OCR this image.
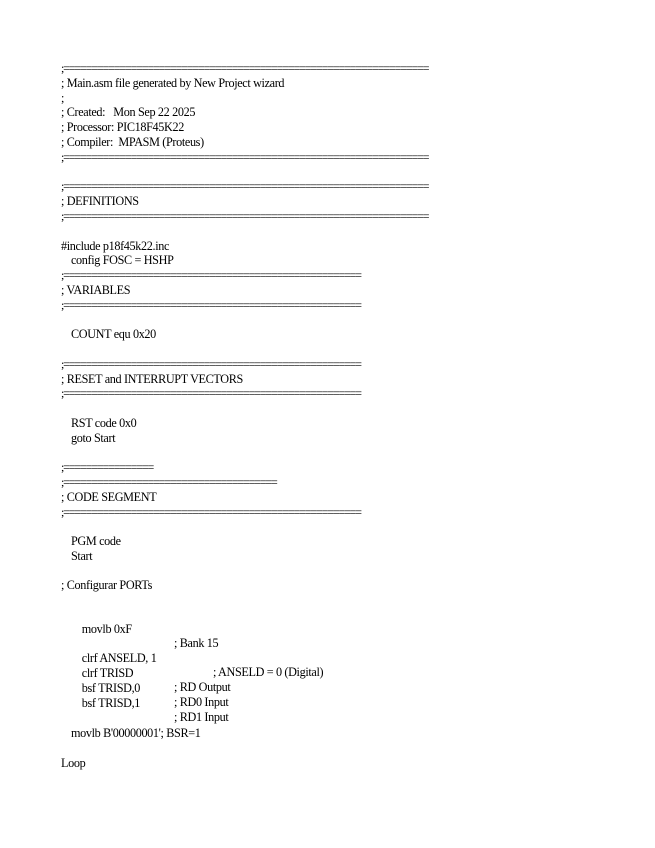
;=================================================================
; Main.asm file generated by New Project wizard
;
; Created:   Mon Sep 22 2025
; Processor: PIC18F45K22
; Compiler:  MPASM (Proteus)
;=================================================================
;=================================================================
; DEFINITIONS
;=================================================================
#include p18f45k22.inc
config FOSC = HSHP
;=====================================================
; VARIABLES
;=====================================================
COUNT equ 0x20
;=====================================================
; RESET and INTERRUPT VECTORS
;=====================================================
RST code 0x0
goto Start
;================
;======================================
; CODE SEGMENT
;=====================================================
PGM code
Start
; Configurar PORTs

movlb 0xF

; Bank 15

clrf ANSELD, 1

; ANSELD = 0 (Digital)

clrf TRISD

; RD Output

bsf TRISD,0

; RD0 Input

bsf TRISD,1

; RD1 Input

movlb B'00000001'; BSR=1
Loop
